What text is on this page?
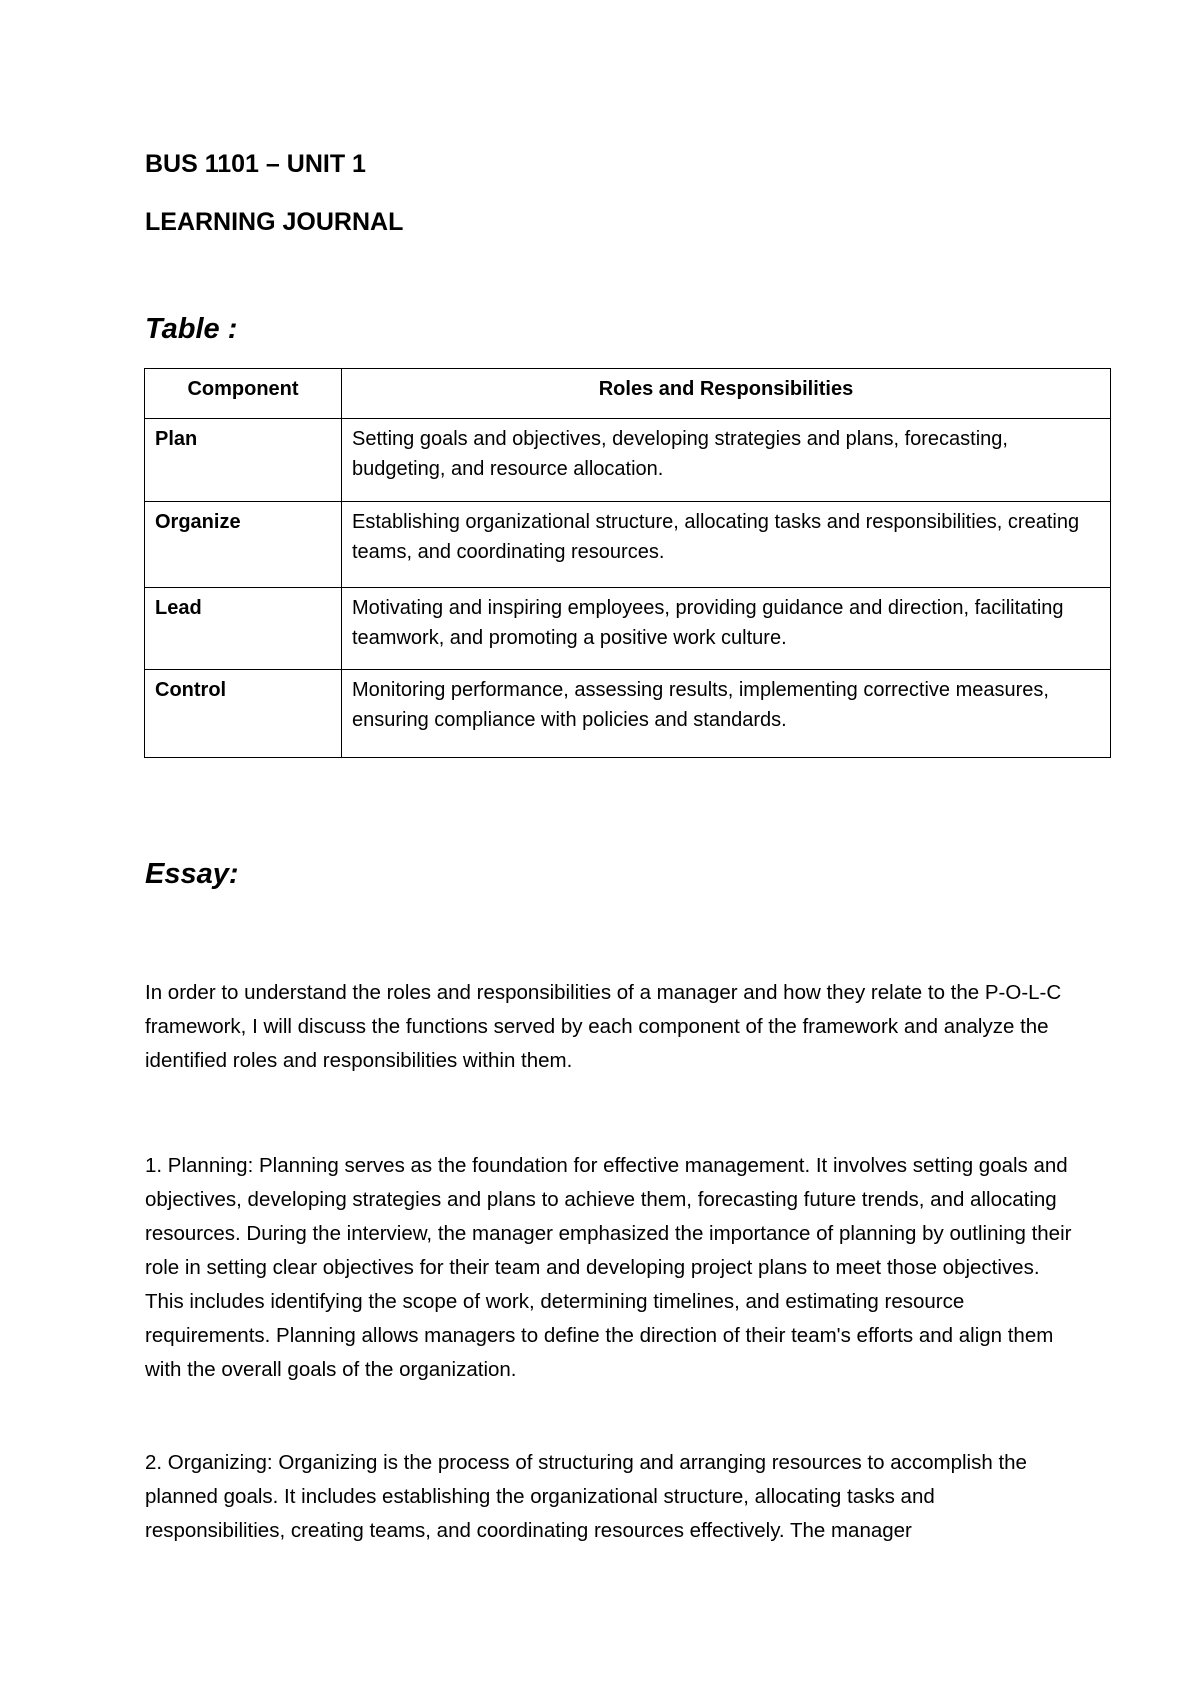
BUS 1101 – UNIT 1
LEARNING JOURNAL
Table :
Component	Roles and Responsibilities
Plan	Setting goals and objectives, developing strategies and plans, forecasting, budgeting, and resource allocation.
Organize	Establishing organizational structure, allocating tasks and responsibilities, creating teams, and coordinating resources.
Lead	Motivating and inspiring employees, providing guidance and direction, facilitating teamwork, and promoting a positive work culture.
Control	Monitoring performance, assessing results, implementing corrective measures, ensuring compliance with policies and standards.
Essay:

In order to understand the roles and responsibilities of a manager and how they relate to the P-O-L-C framework, I will discuss the functions served by each component of the framework and analyze the identified roles and responsibilities within them.

1. Planning: Planning serves as the foundation for effective management. It involves setting goals and objectives, developing strategies and plans to achieve them, forecasting future trends, and allocating resources. During the interview, the manager emphasized the importance of planning by outlining their role in setting clear objectives for their team and developing project plans to meet those objectives. This includes identifying the scope of work, determining timelines, and estimating resource requirements. Planning allows managers to define the direction of their team's efforts and align them with the overall goals of the organization.

2. Organizing: Organizing is the process of structuring and arranging resources to accomplish the planned goals. It includes establishing the organizational structure, allocating tasks and responsibilities, creating teams, and coordinating resources effectively. The manager
